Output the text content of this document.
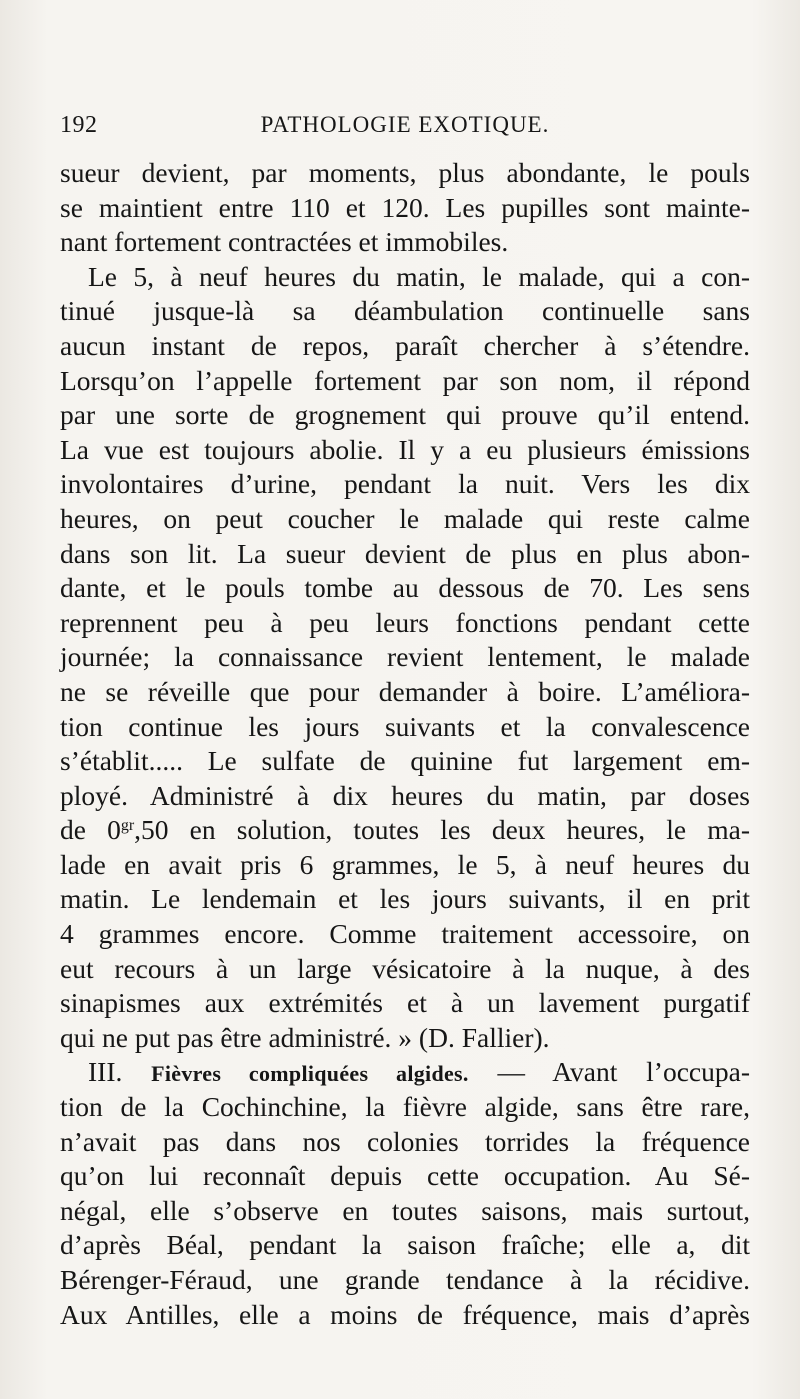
192	PATHOLOGIE EXOTIQUE.
sueur devient, par moments, plus abondante, le pouls
se maintient entre 110 et 120. Les pupilles sont mainte-
nant fortement contractées et immobiles.
Le 5, à neuf heures du matin, le malade, qui a con-
tinué jusque-là sa déambulation continuelle sans
aucun instant de repos, paraît chercher à s’étendre.
Lorsqu’on l’appelle fortement par son nom, il répond
par une sorte de grognement qui prouve qu’il entend.
La vue est toujours abolie. Il y a eu plusieurs émissions
involontaires d’urine, pendant la nuit. Vers les dix
heures, on peut coucher le malade qui reste calme
dans son lit. La sueur devient de plus en plus abon-
dante, et le pouls tombe au dessous de 70. Les sens
reprennent peu à peu leurs fonctions pendant cette
journée; la connaissance revient lentement, le malade
ne se réveille que pour demander à boire. L’améliora-
tion continue les jours suivants et la convalescence
s’établit..... Le sulfate de quinine fut largement em-
ployé. Administré à dix heures du matin, par doses
de $0^{gr},50$ en solution, toutes les deux heures, le ma-
lade en avait pris 6 grammes, le 5, à neuf heures du
matin. Le lendemain et les jours suivants, il en prit
4 grammes encore. Comme traitement accessoire, on
eut recours à un large vésicatoire à la nuque, à des
sinapismes aux extrémités et à un lavement purgatif
qui ne put pas être administré. » (D. Fallier).
III. Fièvres compliquées algides. — Avant l’occupa-
tion de la Cochinchine, la fièvre algide, sans être rare,
n’avait pas dans nos colonies torrides la fréquence
qu’on lui reconnaît depuis cette occupation. Au Sé-
négal, elle s’observe en toutes saisons, mais surtout,
d’après Béal, pendant la saison fraîche; elle a, dit
Bérenger-Féraud, une grande tendance à la récidive.
Aux Antilles, elle a moins de fréquence, mais d’après
